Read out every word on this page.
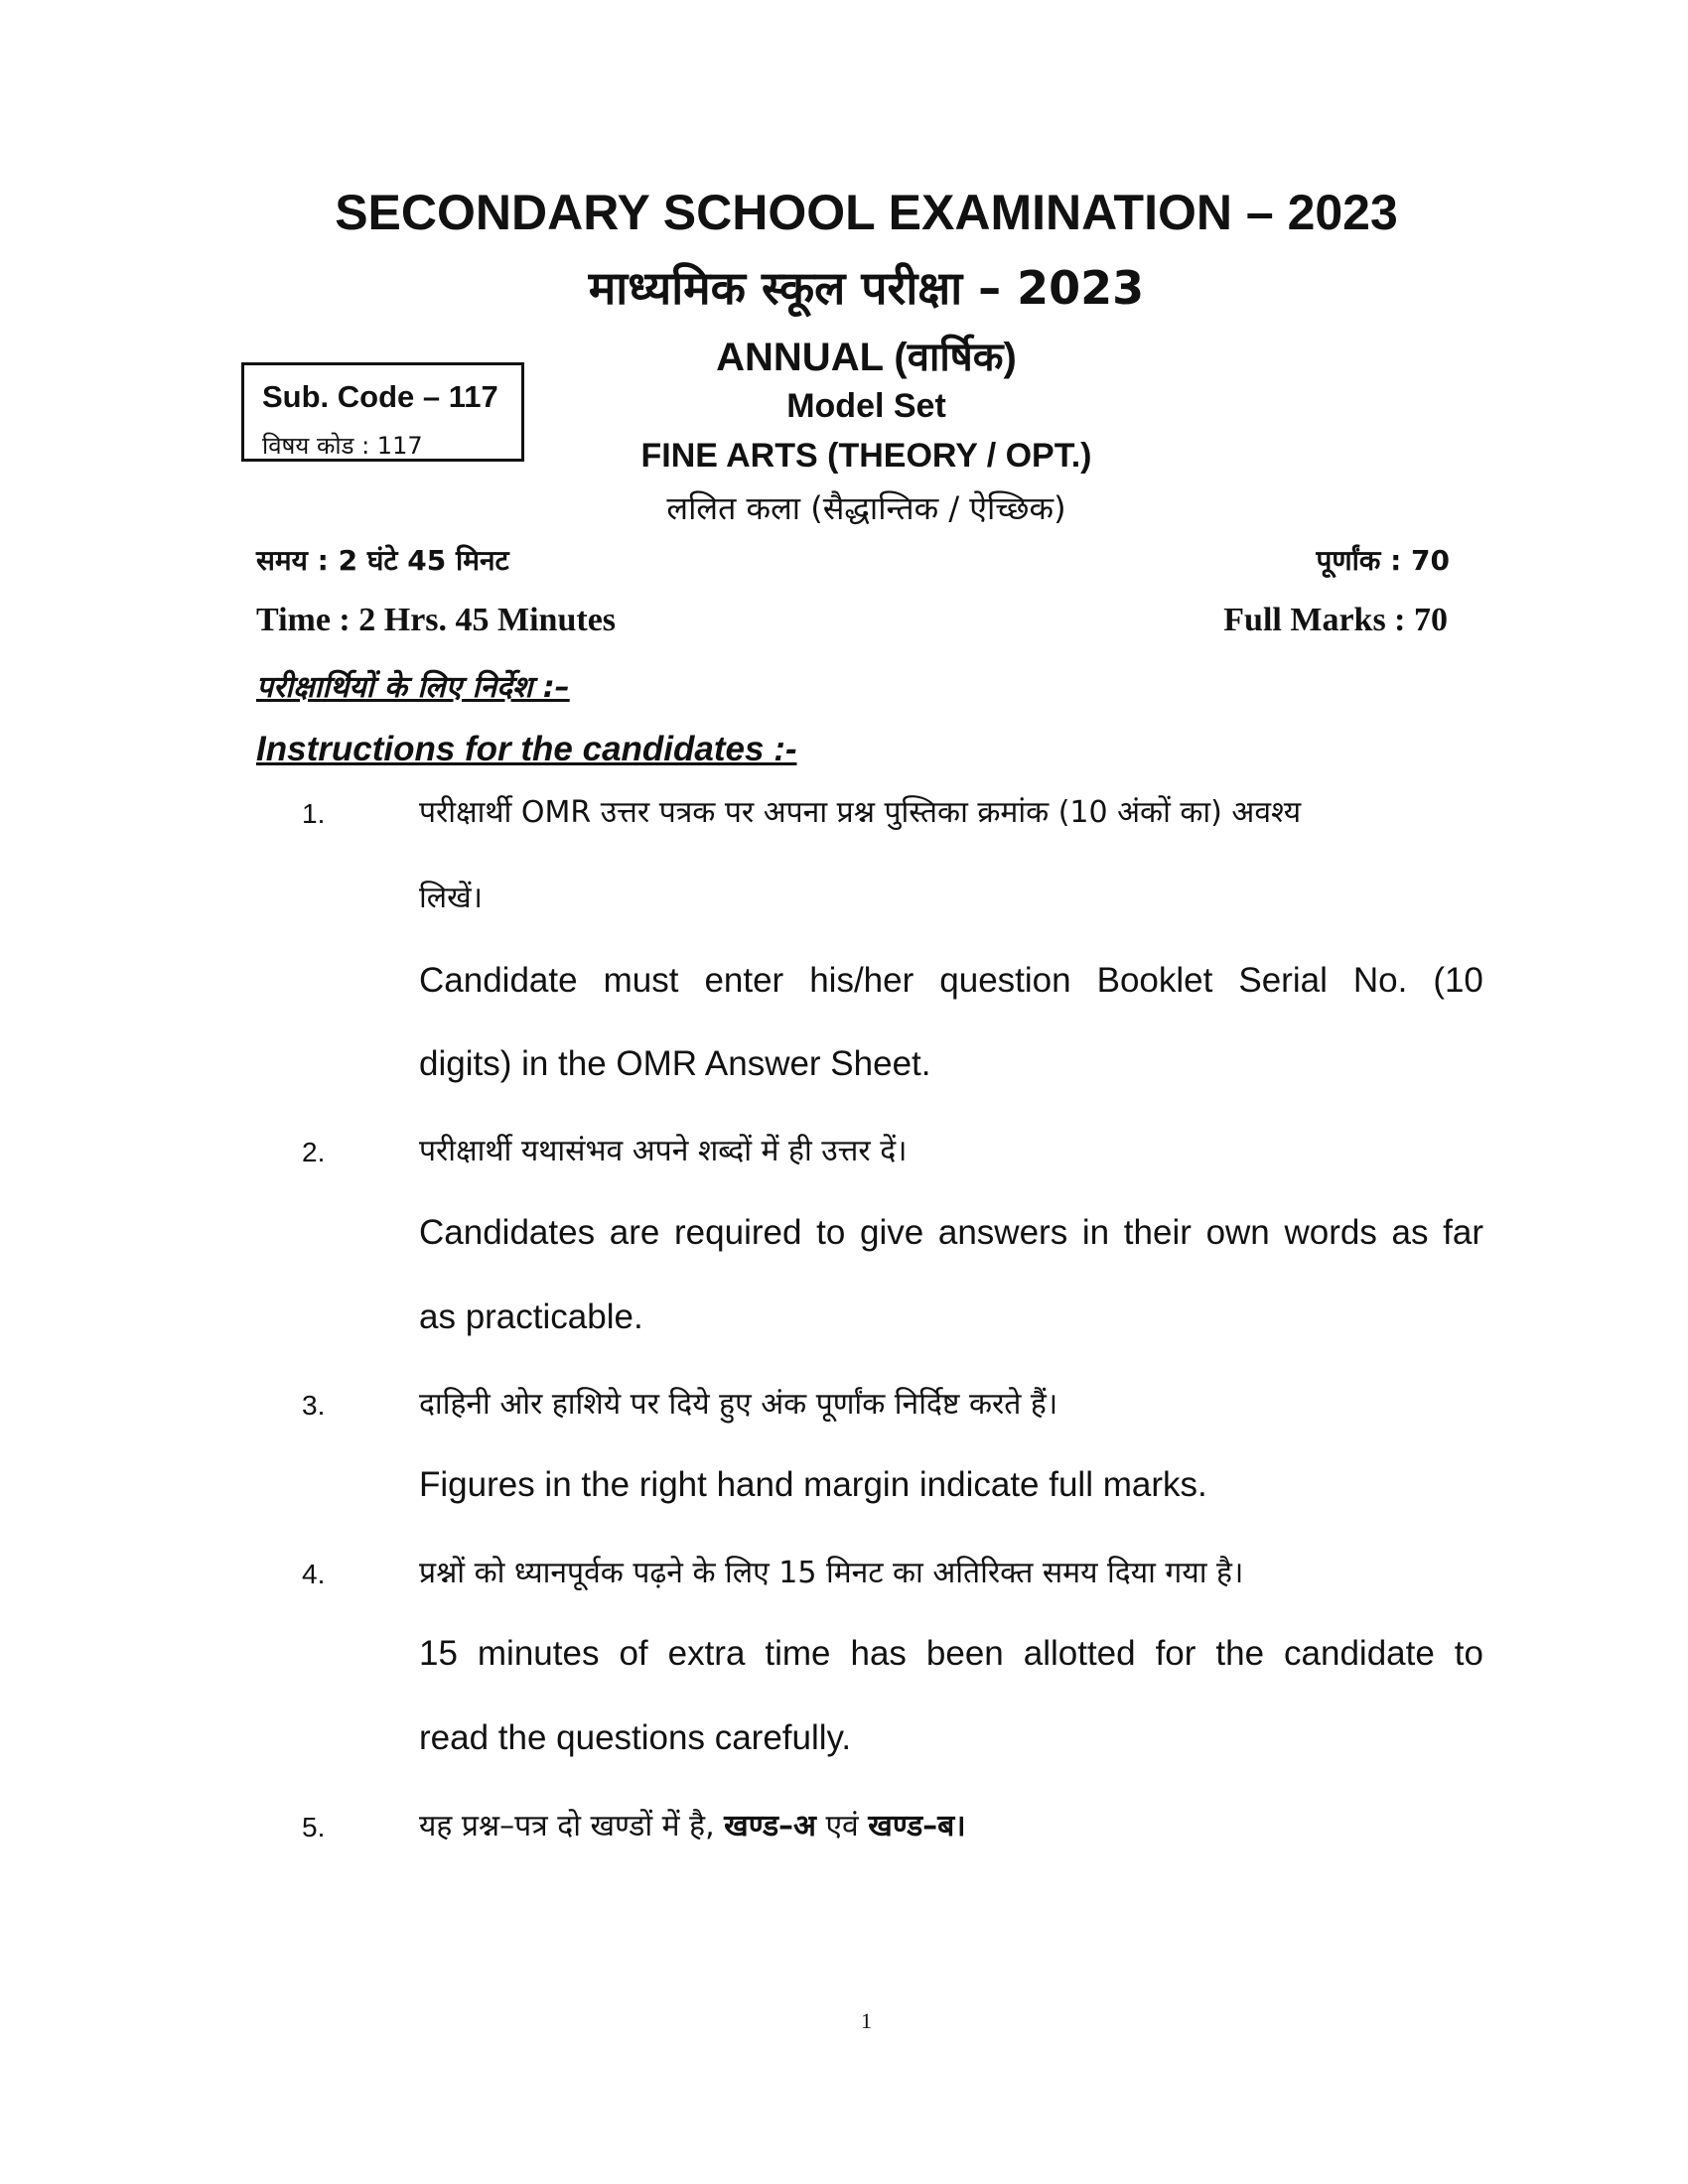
SECONDARY SCHOOL EXAMINATION – 2023
माध्यमिक स्कूल परीक्षा – 2023
ANNUAL (वार्षिक)
Model Set
FINE ARTS (THEORY / OPT.)
ललित कला (सैद्धान्तिक / ऐच्छिक)
Sub. Code – 117
विषय कोड : 117
समय : 2 घंटे 45 मिनट	पूर्णांक : 70
Time : 2 Hrs. 45 Minutes	Full Marks : 70
परीक्षार्थियों के लिए निर्देश :–
Instructions for the candidates :-
1.	परीक्षार्थी OMR उत्तर पत्रक पर अपना प्रश्न पुस्तिका क्रमांक (10 अंकों का) अवश्य
लिखें।
Candidate must enter his/her question Booklet Serial No. (10
digits) in the OMR Answer Sheet.
2.	परीक्षार्थी यथासंभव अपने शब्दों में ही उत्तर दें।
Candidates are required to give answers in their own words as far
as practicable.
3.	दाहिनी ओर हाशिये पर दिये हुए अंक पूर्णांक निर्दिष्ट करते हैं।
Figures in the right hand margin indicate full marks.
4.	प्रश्नों को ध्यानपूर्वक पढ़ने के लिए 15 मिनट का अतिरिक्त समय दिया गया है।
15 minutes of extra time has been allotted for the candidate to
read the questions carefully.
5.	यह प्रश्न–पत्र दो खण्डों में है, खण्ड–अ एवं खण्ड–ब।
1
